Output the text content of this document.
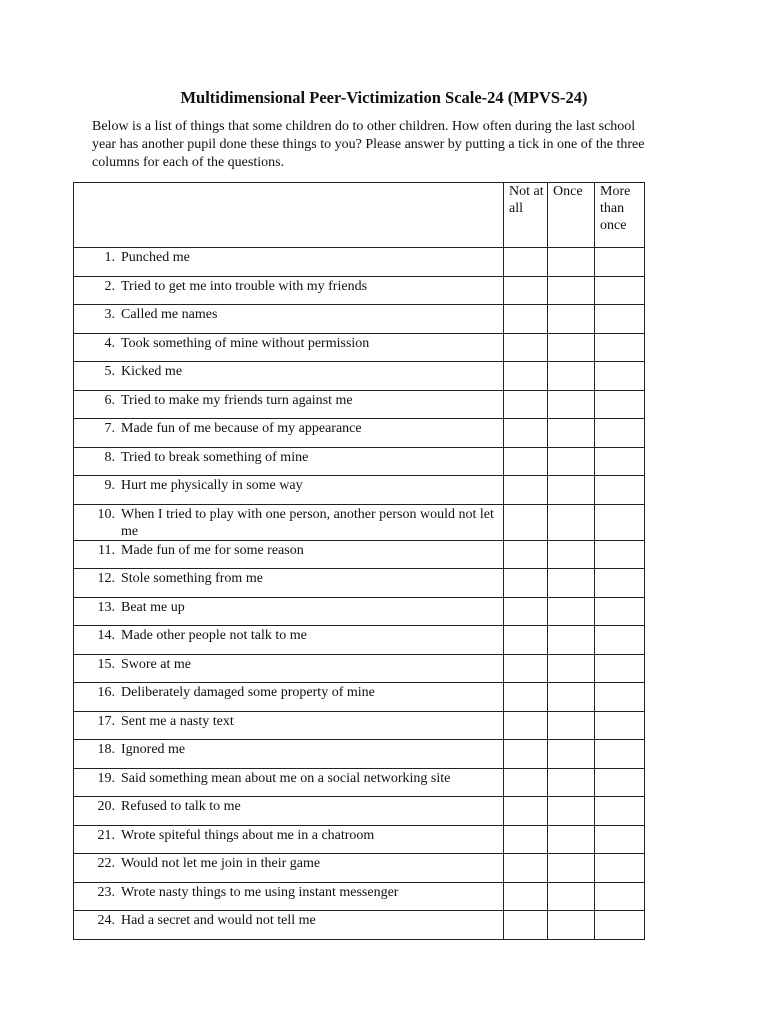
Multidimensional Peer-Victimization Scale-24 (MPVS-24)
Below is a list of things that some children do to other children. How often during the last school year has another pupil done these things to you? Please answer by putting a tick in one of the three columns for each of the questions.
	Not at all	Once	More than once

1. Punched me			

2. Tried to get me into trouble with my friends			

3. Called me names			

4. Took something of mine without permission			

5. Kicked me			

6. Tried to make my friends turn against me			

7. Made fun of me because of my appearance			

8. Tried to break something of mine			

9. Hurt me physically in some way			

10. When I tried to play with one person, another person would not let me			

11. Made fun of me for some reason			

12. Stole something from me			

13. Beat me up			

14. Made other people not talk to me			

15. Swore at me			

16. Deliberately damaged some property of mine			

17. Sent me a nasty text			

18. Ignored me			

19. Said something mean about me on a social networking site			

20. Refused to talk to me			

21. Wrote spiteful things about me in a chatroom			

22. Would not let me join in their game			

23. Wrote nasty things to me using instant messenger			

24. Had a secret and would not tell me			
